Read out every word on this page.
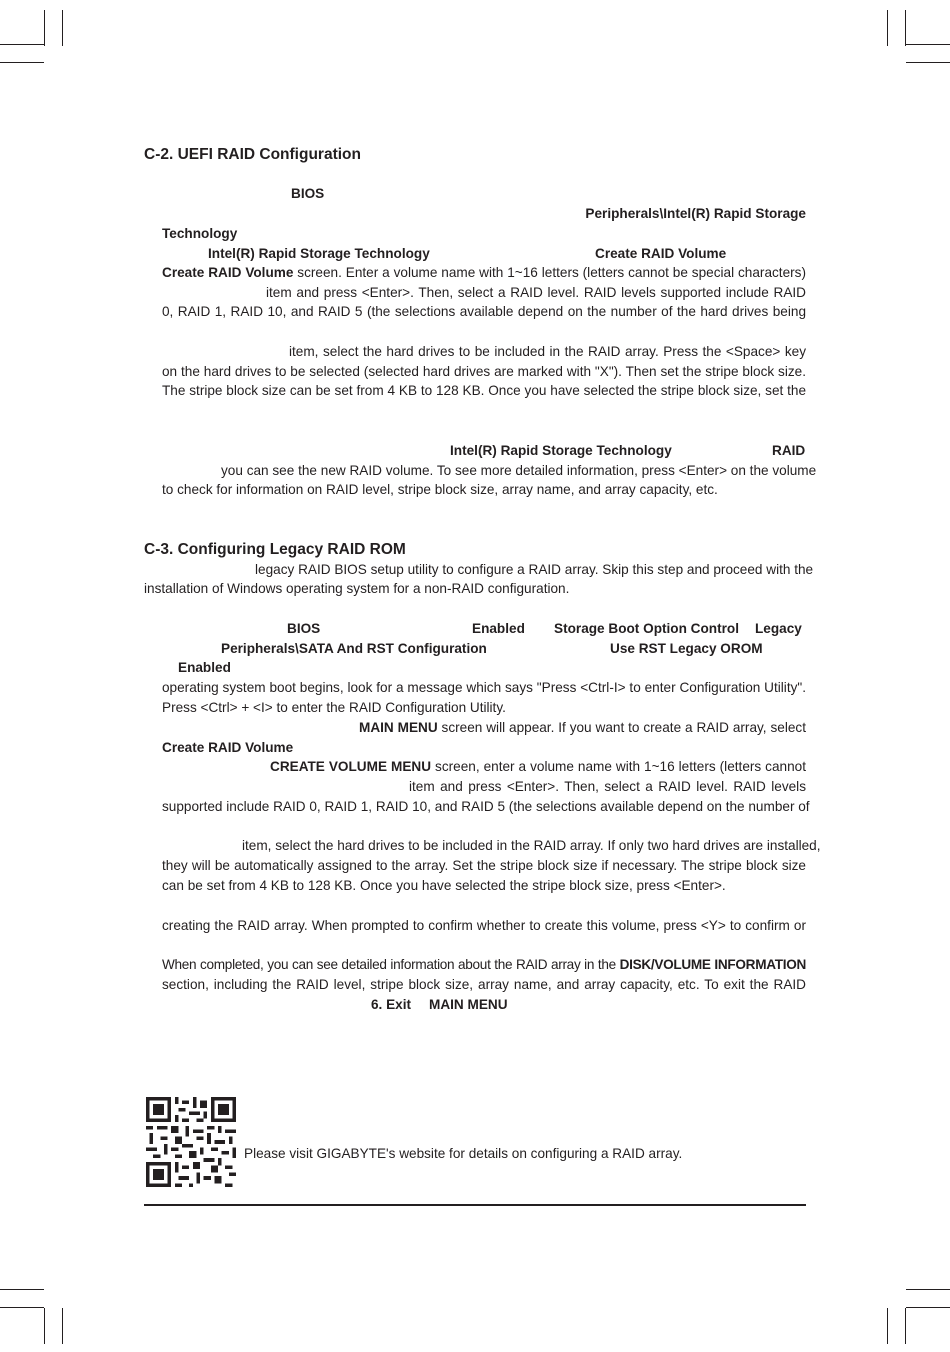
C-2. UEFI RAID Configuration
BIOS
Peripherals\Intel(R) Rapid Storage
Technology
Intel(R) Rapid Storage Technology	Create RAID Volume
Create RAID Volume screen. Enter a volume name with 1~16 letters (letters cannot be special characters)
item and press <Enter>. Then, select a RAID level. RAID levels supported include RAID
0, RAID 1, RAID 10, and RAID 5 (the selections available depend on the number of the hard drives being
item, select the hard drives to be included in the RAID array. Press the <Space> key
on the hard drives to be selected (selected hard drives are marked with "X"). Then set the stripe block size.
The stripe block size can be set from 4 KB to 128 KB. Once you have selected the stripe block size, set the
Intel(R) Rapid Storage Technology	RAID
you can see the new RAID volume. To see more detailed information, press <Enter> on the volume
to check for information on RAID level, stripe block size, array name, and array capacity, etc.
C-3. Configuring Legacy RAID ROM
legacy RAID BIOS setup utility to configure a RAID array. Skip this step and proceed with the
installation of Windows operating system for a non-RAID configuration.
BIOS	Enabled Storage Boot Option Control Legacy
Peripherals\SATA And RST Configuration	Use RST Legacy OROM
Enabled
operating system boot begins, look for a message which says "Press <Ctrl-I> to enter Configuration Utility".
Press <Ctrl> + <I> to enter the RAID Configuration Utility.
MAIN MENU screen will appear. If you want to create a RAID array, select
Create RAID Volume
CREATE VOLUME MENU screen, enter a volume name with 1~16 letters (letters cannot
item and press <Enter>. Then, select a RAID level. RAID levels
supported include RAID 0, RAID 1, RAID 10, and RAID 5 (the selections available depend on the number of
item, select the hard drives to be included in the RAID array. If only two hard drives are installed,
they will be automatically assigned to the array. Set the stripe block size if necessary. The stripe block size
can be set from 4 KB to 128 KB. Once you have selected the stripe block size, press <Enter>.
creating the RAID array. When prompted to confirm whether to create this volume, press <Y> to confirm or
When completed, you can see detailed information about the RAID array in the DISK/VOLUME INFORMATION
section, including the RAID level, stripe block size, array name, and array capacity, etc. To exit the RAID
6. Exit MAIN MENU
Please visit GIGABYTE's website for details on configuring a RAID array.
